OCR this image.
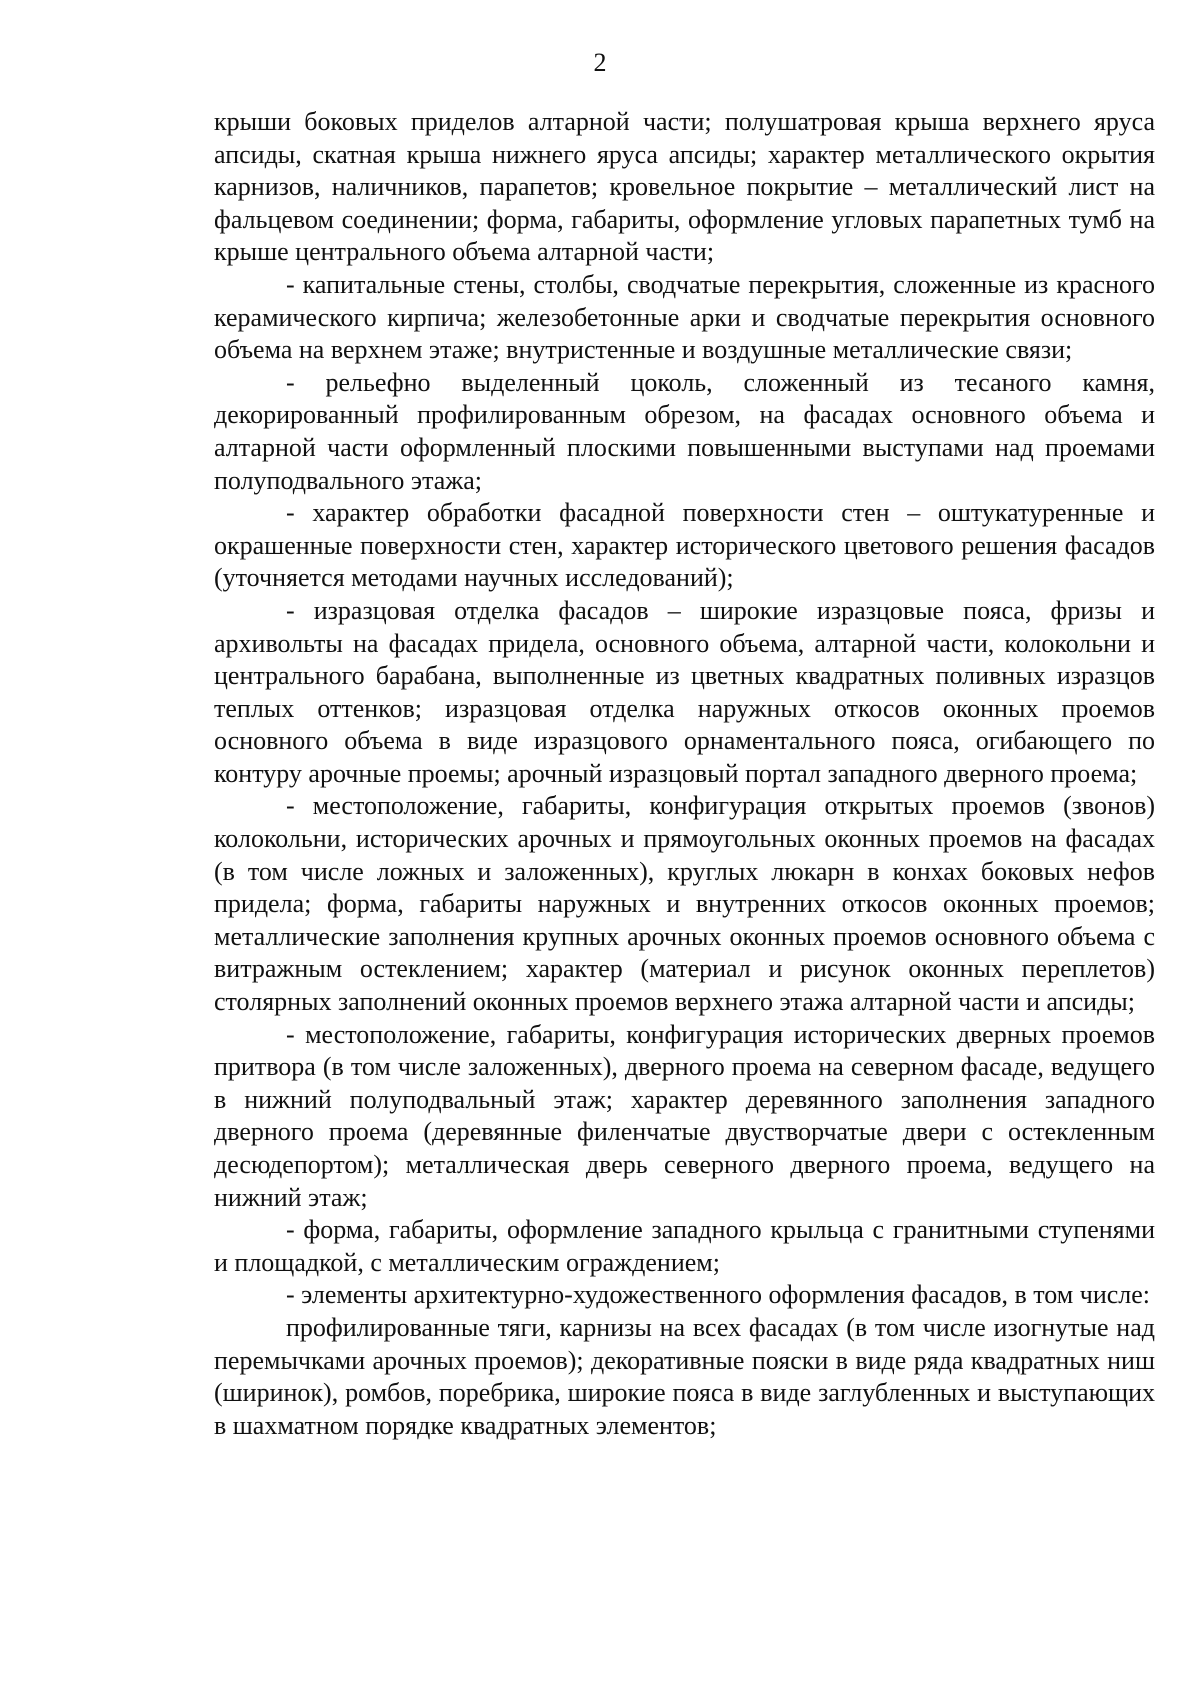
2

крыши боковых приделов алтарной части; полушатровая крыша верхнего яруса апсиды, скатная крыша нижнего яруса апсиды; характер металлического окрытия карнизов, наличников, парапетов; кровельное покрытие – металлический лист на фальцевом соединении; форма, габариты, оформление угловых парапетных тумб на крыше центрального объема алтарной части;

- капитальные стены, столбы, сводчатые перекрытия, сложенные из красного керамического кирпича; железобетонные арки и сводчатые перекрытия основного объема на верхнем этаже; внутристенные и воздушные металлические связи;

- рельефно выделенный цоколь, сложенный из тесаного камня, декорированный профилированным обрезом, на фасадах основного объема и алтарной части оформленный плоскими повышенными выступами над проемами полуподвального этажа;

- характер обработки фасадной поверхности стен – оштукатуренные и окрашенные поверхности стен, характер исторического цветового решения фасадов (уточняется методами научных исследований);

- изразцовая отделка фасадов – широкие изразцовые пояса, фризы и архивольты на фасадах придела, основного объема, алтарной части, колокольни и центрального барабана, выполненные из цветных квадратных поливных изразцов теплых оттенков; изразцовая отделка наружных откосов оконных проемов основного объема в виде изразцового орнаментального пояса, огибающего по контуру арочные проемы; арочный изразцовый портал западного дверного проема;

- местоположение, габариты, конфигурация открытых проемов (звонов) колокольни, исторических арочных и прямоугольных оконных проемов на фасадах (в том числе ложных и заложенных), круглых люкарн в конхах боковых нефов придела; форма, габариты наружных и внутренних откосов оконных проемов; металлические заполнения крупных арочных оконных проемов основного объема с витражным остеклением; характер (материал и рисунок оконных переплетов) столярных заполнений оконных проемов верхнего этажа алтарной части и апсиды;

- местоположение, габариты, конфигурация исторических дверных проемов притвора (в том числе заложенных), дверного проема на северном фасаде, ведущего в нижний полуподвальный этаж; характер деревянного заполнения западного дверного проема (деревянные филенчатые двустворчатые двери с остекленным десюдепортом); металлическая дверь северного дверного проема, ведущего на нижний этаж;

- форма, габариты, оформление западного крыльца с гранитными ступенями и площадкой, с металлическим ограждением;

- элементы архитектурно-художественного оформления фасадов, в том числе:

профилированные тяги, карнизы на всех фасадах (в том числе изогнутые над перемычками арочных проемов); декоративные пояски в виде ряда квадратных ниш (ширинок), ромбов, поребрика, широкие пояса в виде заглубленных и выступающих в шахматном порядке квадратных элементов;
